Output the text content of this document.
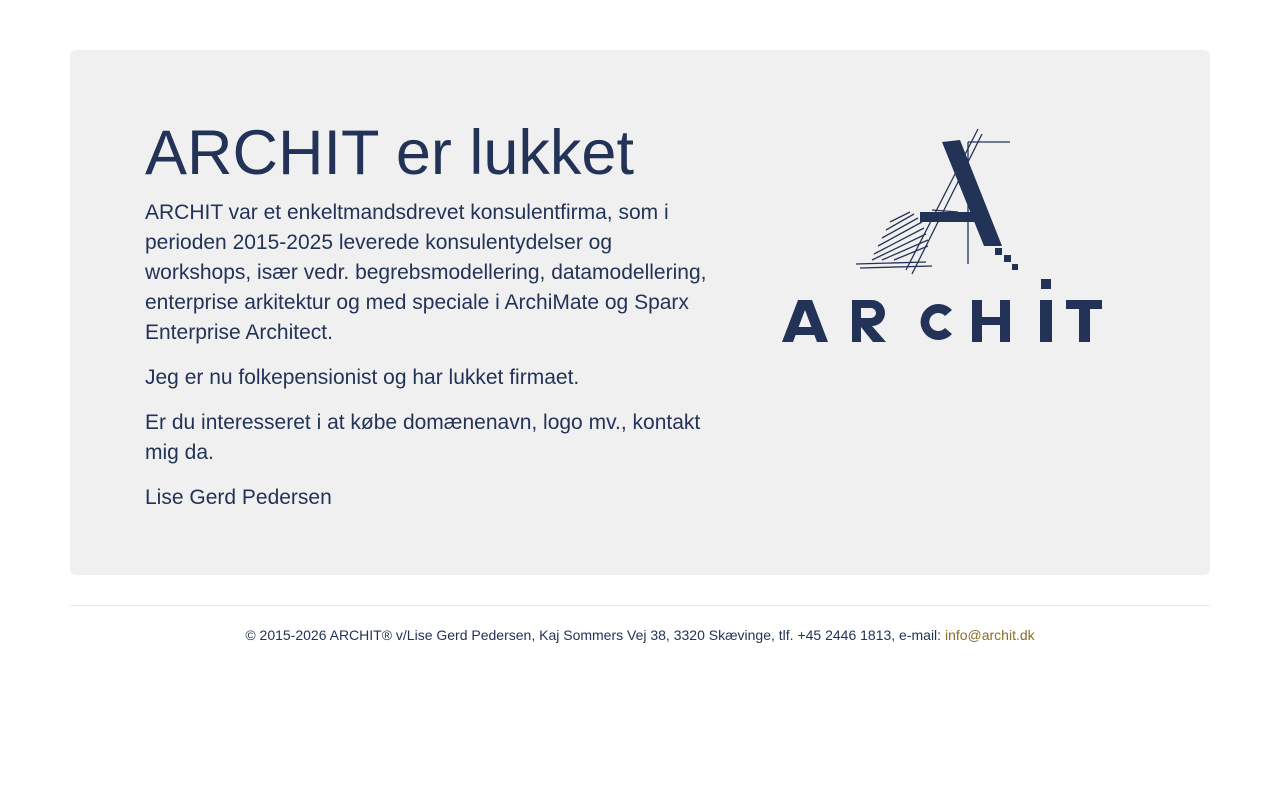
ARCHIT er lukket

ARCHIT var et enkeltmandsdrevet konsulentfirma, som i perioden 2015-2025 leverede konsulentydelser og workshops, især vedr. begrebsmodellering, datamodellering, enterprise arkitektur og med speciale i ArchiMate og Sparx Enterprise Architect.

Jeg er nu folkepensionist og har lukket firmaet.

Er du interesseret i at købe domænenavn, logo mv., kontakt mig da.

Lise Gerd Pedersen

© 2015-2026 ARCHIT® v/Lise Gerd Pedersen, Kaj Sommers Vej 38, 3320 Skævinge, tlf. +45 2446 1813, e-mail: info@archit.dk
